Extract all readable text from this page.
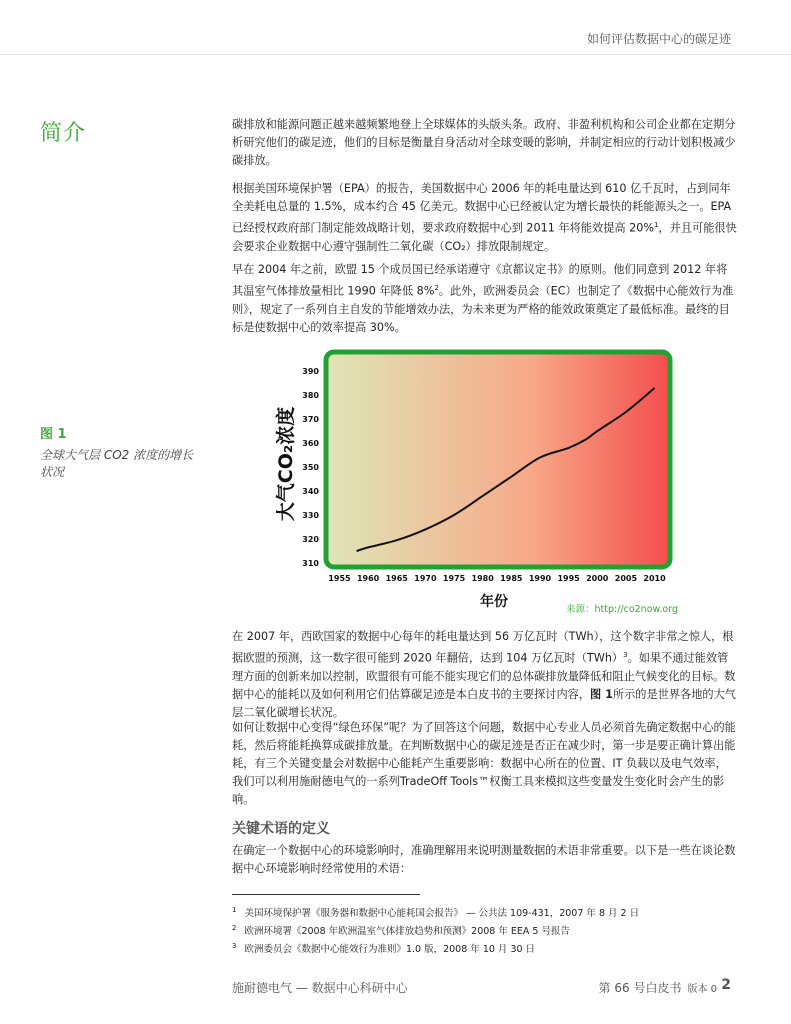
如何评估数据中心的碳足迹
简介	碳排放和能源问题正越来越频繁地登上全球媒体的头版头条。政府、非盈利机构和公司企业都在定期分析研究他们的碳足迹，他们的目标是衡量自身活动对全球变暖的影响，并制定相应的行动计划积极减少碳排放。

根据美国环境保护署（EPA）的报告，美国数据中心 2006 年的耗电量达到 610 亿千瓦时，占到同年全美耗电总量的 1.5%，成本约合 45 亿美元。数据中心已经被认定为增长最快的耗能源头之一。EPA已经授权政府部门制定能效战略计划，要求政府数据中心到 2011 年将能效提高 20%$^1$，并且可能很快会要求企业数据中心遵守强制性二氧化碳（CO₂）排放限制规定。

早在 2004 年之前，欧盟 15 个成员国已经承诺遵守《京都议定书》的原则。他们同意到 2012 年将其温室气体排放量相比 1990 年降低 8%$^2$。此外，欧洲委员会（EC）也制定了《数据中心能效行为准则》，规定了一系列自主自发的节能增效办法，为未来更为严格的能效政策奠定了最低标准。最终的目标是使数据中心的效率提高 30%。

图 1
全球大气层 CO2 浓度的增长状况
310
320
330
340
350
360
370
380
390
1955 1960 1965 1970 1975 1980 1985 1990 1995 2000 2005 2010
大气CO₂浓度
年份	来源：http://co2now.org

在 2007 年，西欧国家的数据中心每年的耗电量达到 56 万亿瓦时（TWh），这个数字非常之惊人，根据欧盟的预测，这一数字很可能到 2020 年翻倍，达到 104 万亿瓦时（TWh）$^3$。如果不通过能效管理方面的创新来加以控制，欧盟很有可能不能实现它们的总体碳排放量降低和阻止气候变化的目标。数据中心的能耗以及如何利用它们估算碳足迹是本白皮书的主要探讨内容，图 1所示的是世界各地的大气层二氧化碳增长状况。

如何让数据中心变得“绿色环保”呢？为了回答这个问题，数据中心专业人员必须首先确定数据中心的能耗，然后将能耗换算成碳排放量。在判断数据中心的碳足迹是否正在减少时，第一步是要正确计算出能耗，有三个关键变量会对数据中心能耗产生重要影响：数据中心所在的位置、IT 负载以及电气效率，我们可以利用施耐德电气的一系列TradeOff Tools™权衡工具来模拟这些变量发生变化时会产生的影响。

关键术语的定义

在确定一个数据中心的环境影响时，准确理解用来说明测量数据的术语非常重要。以下是一些在谈论数据中心环境影响时经常使用的术语：

$^1$ 美国环境保护署《服务器和数据中心能耗国会报告》 — 公共法 109-431，2007 年 8 月 2 日
$^2$ 欧洲环境署《2008 年欧洲温室气体排放趋势和预测》2008 年 EEA 5 号报告
$^3$ 欧洲委员会《数据中心能效行为准则》1.0 版，2008 年 10 月 30 日
施耐德电气 — 数据中心科研中心	第 66 号白皮书 版本 0 2
